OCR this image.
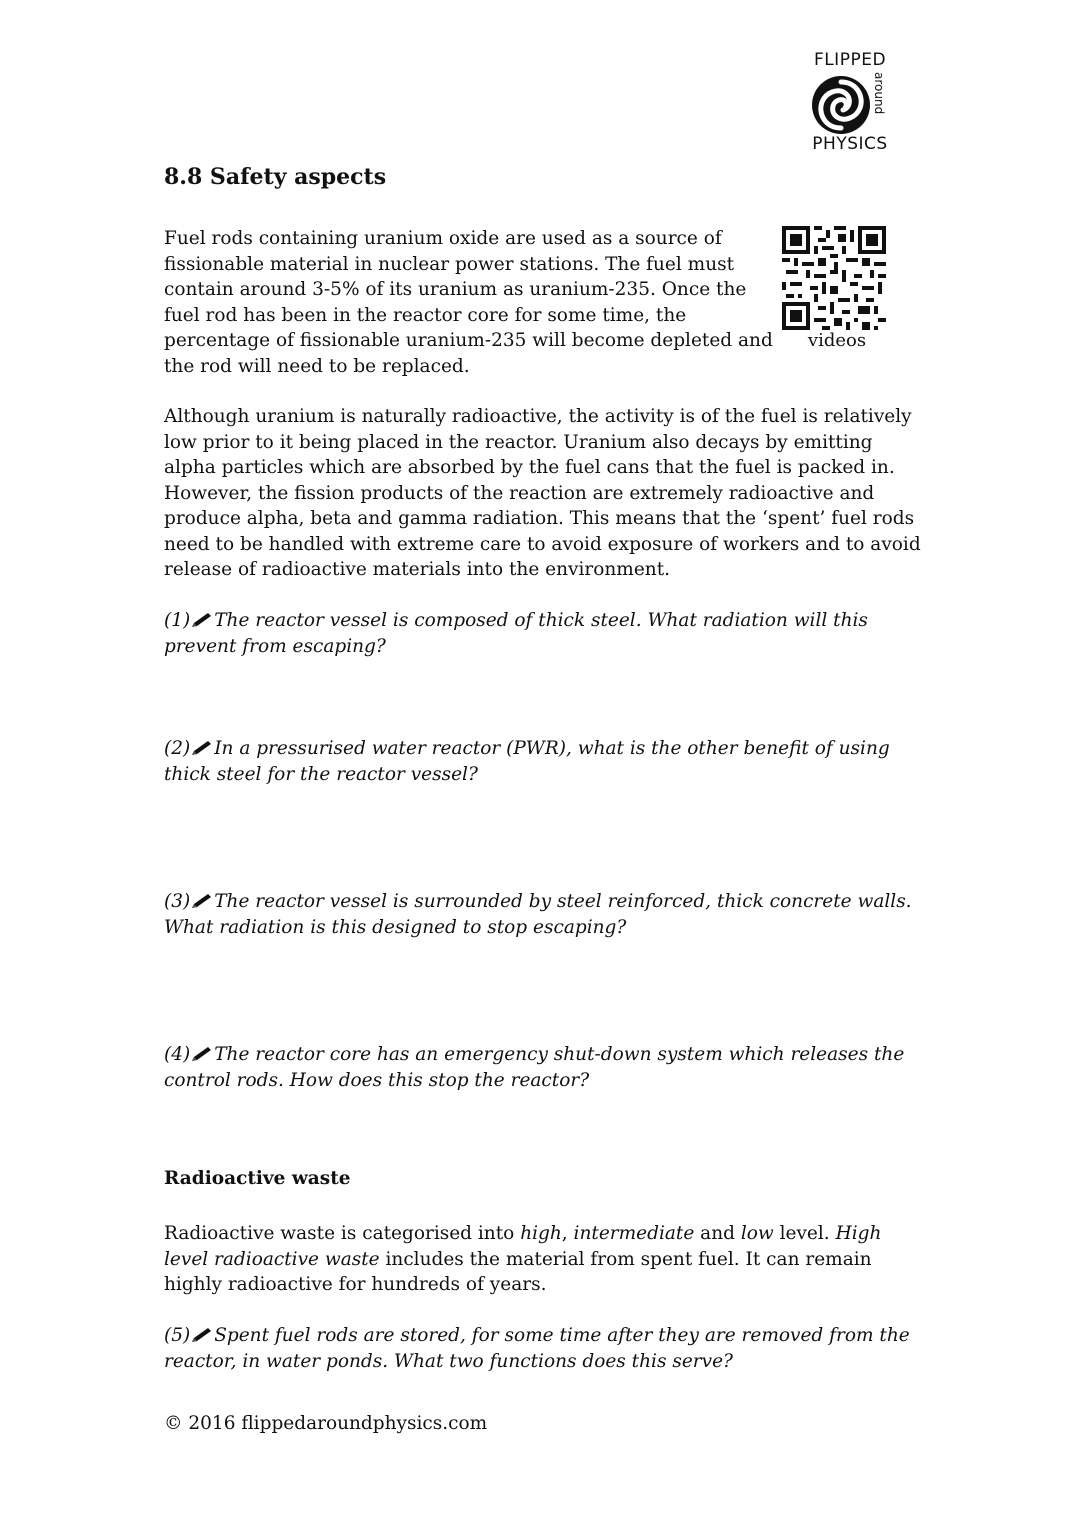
FLIPPED
around
PHYSICS
8.8 Safety aspects
videos

Fuel rods containing uranium oxide are used as a source of fissionable material in nuclear power stations. The fuel must contain around 3-5% of its uranium as uranium-235. Once the fuel rod has been in the reactor core for some time, the percentage of fissionable uranium-235 will become depleted and the rod will need to be replaced.

Although uranium is naturally radioactive, the activity is of the fuel is relatively low prior to it being placed in the reactor. Uranium also decays by emitting alpha particles which are absorbed by the fuel cans that the fuel is packed in. However, the fission products of the reaction are extremely radioactive and produce alpha, beta and gamma radiation. This means that the ‘spent’ fuel rods need to be handled with extreme care to avoid exposure of workers and to avoid release of radioactive materials into the environment.

(1) The reactor vessel is composed of thick steel. What radiation will this prevent from escaping?

(2) In a pressurised water reactor (PWR), what is the other benefit of using thick steel for the reactor vessel?

(3) The reactor vessel is surrounded by steel reinforced, thick concrete walls. What radiation is this designed to stop escaping?

(4) The reactor core has an emergency shut-down system which releases the control rods. How does this stop the reactor?

Radioactive waste

Radioactive waste is categorised into high, intermediate and low level. High level radioactive waste includes the material from spent fuel. It can remain highly radioactive for hundreds of years.

(5) Spent fuel rods are stored, for some time after they are removed from the reactor, in water ponds. What two functions does this serve?

© 2016 flippedaroundphysics.com
